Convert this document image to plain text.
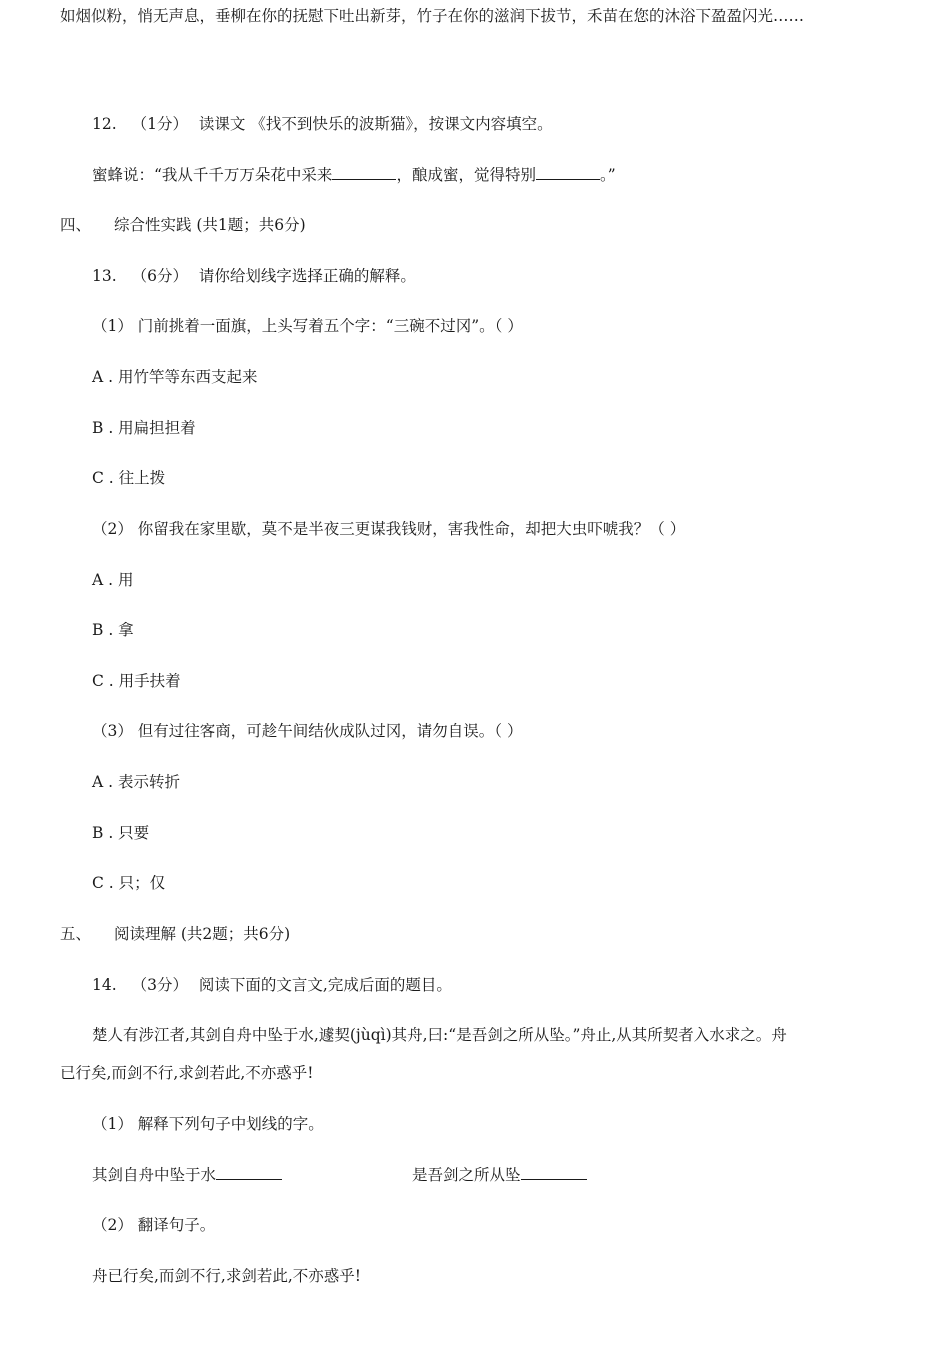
如烟似粉，悄无声息，垂柳在你的抚慰下吐出新芽，竹子在你的滋润下拔节，禾苗在您的沐浴下盈盈闪光……
12. （1分） 读课文 《找不到快乐的波斯猫》，按课文内容填空。
蜜蜂说：“我从千千万万朵花中采来	，酿成蜜，觉得特别	。”
四、 综合性实践 (共1题；共6分)
13. （6分） 请你给划线字选择正确的解释。
（1） 门前挑着一面旗，上头写着五个字：“三碗不过冈”。（ ）
A . 用竹竿等东西支起来
B . 用扁担担着
C . 往上拨
（2） 你留我在家里歇，莫不是半夜三更谋我钱财，害我性命，却把大虫吓唬我？（ ）
A . 用
B . 拿
C . 用手扶着
（3） 但有过往客商，可趁午间结伙成队过冈，请勿自误。（ ）
A . 表示转折
B . 只要
C . 只；仅
五、 阅读理解 (共2题；共6分)
14. （3分） 阅读下面的文言文,完成后面的题目。
楚人有涉江者,其剑自舟中坠于水,遽契(jùqì)其舟,曰:“是吾剑之所从坠。”舟止,从其所契者入水求之。舟
已行矣,而剑不行,求剑若此,不亦惑乎!
（1） 解释下列句子中划线的字。
其剑自舟中坠于水	是吾剑之所从坠
（2） 翻译句子。
舟已行矣,而剑不行,求剑若此,不亦惑乎!
